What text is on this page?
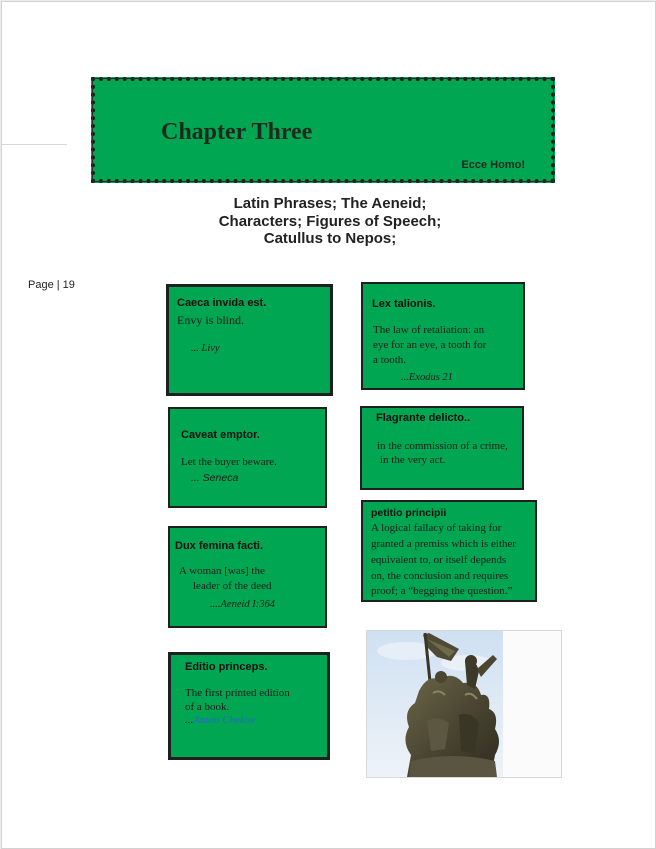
Chapter Three
Ecce Homo!
Latin Phrases; The Aeneid;
Characters; Figures of Speech;
Catullus to Nepos;
Page | 19
Caeca invida est.
Envy is blind.
... Livy
Lex talionis.
The law of retaliation: an
eye for an eye, a tooth for
a tooth.
...Exodus 21
Caveat emptor.
Let the buyer beware.
... Seneca
Flagrante delicto..
in the commission of a crime,
in the very act.
Dux femina facti.
A woman [was] the
leader of the deed
....Aeneid I:364
petitio principii
A logical fallacy of taking for
granted a premiss which is either
equivalent to, or itself depends
on, the conclusion and requires
proof; a “begging the question.”
Editio princeps.
The first printed edition
of a book.
...Anton Chekov
